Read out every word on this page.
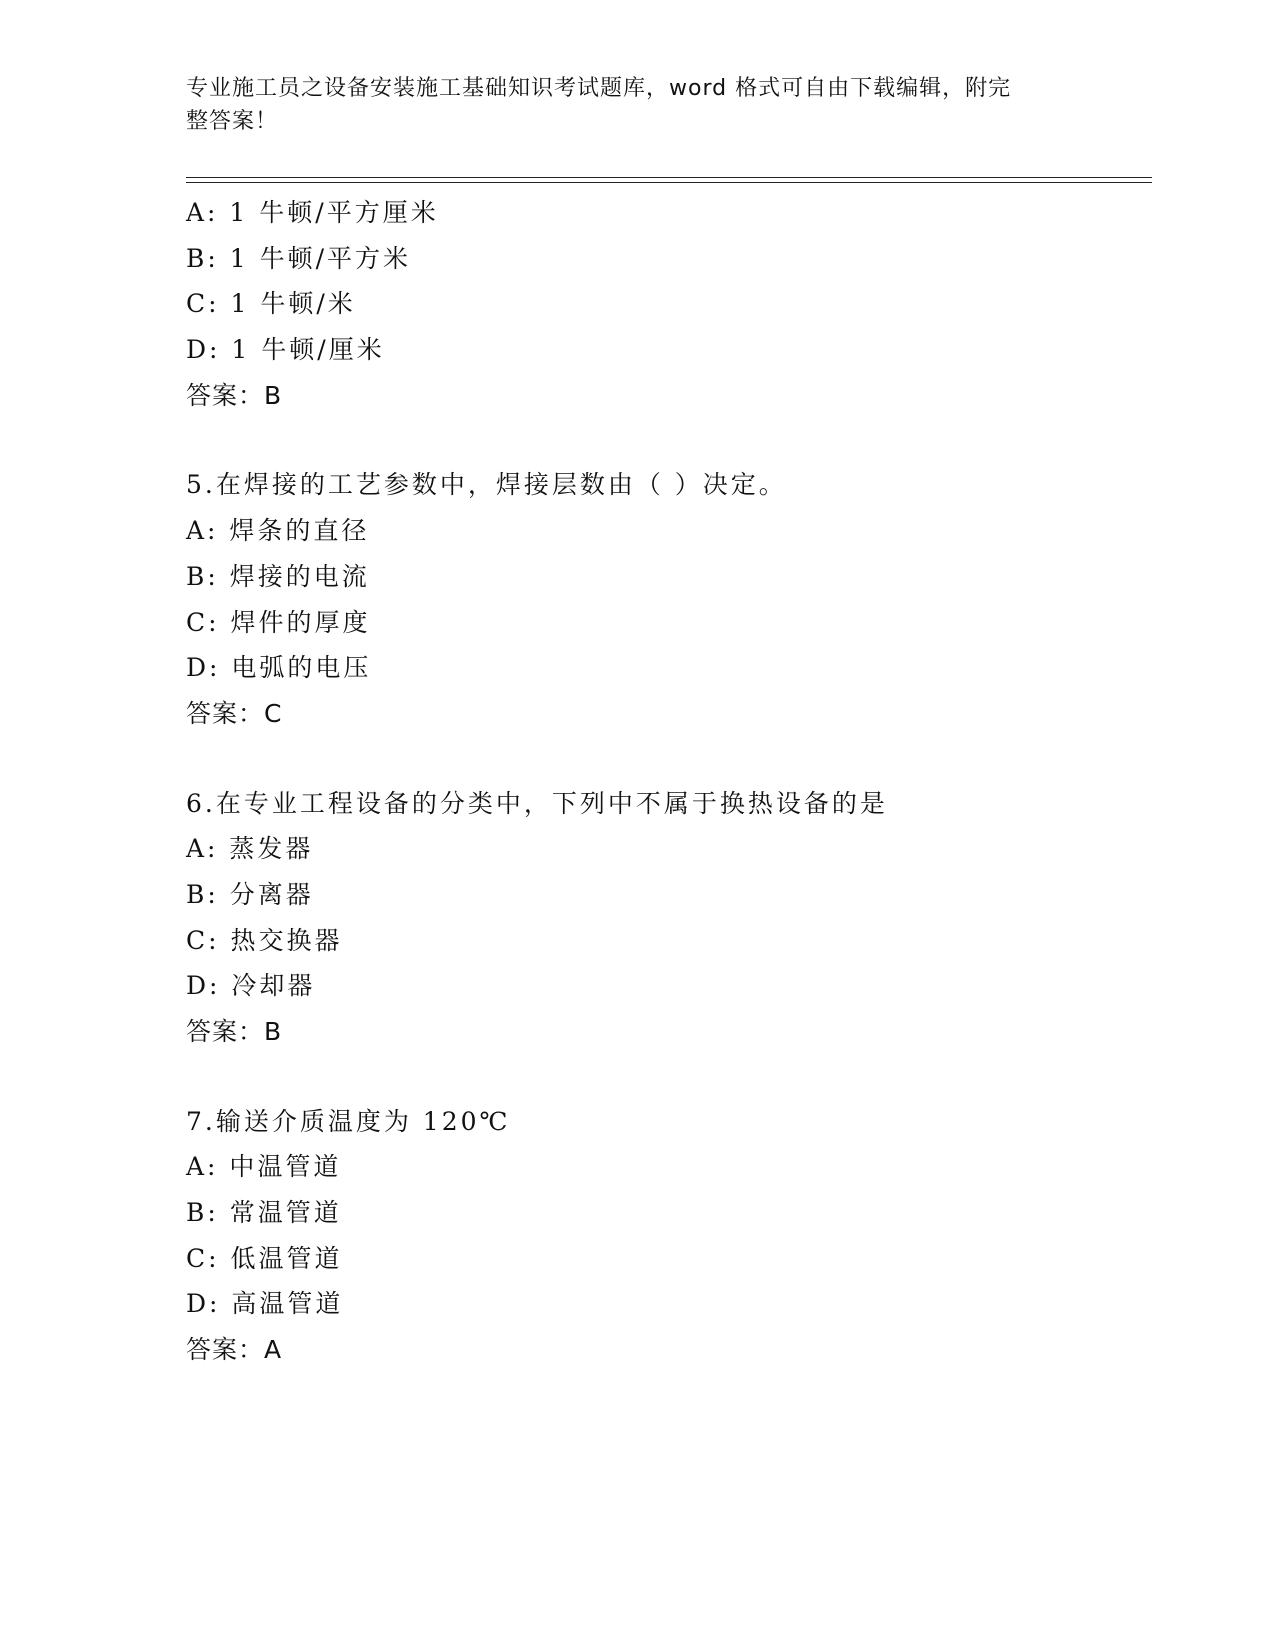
专业施工员之设备安装施工基础知识考试题库，word 格式可自由下载编辑，附完
整答案！
A: 1 牛顿/平方厘米
B: 1 牛顿/平方米
C: 1 牛顿/米
D: 1 牛顿/厘米
答案：B
5.在焊接的工艺参数中，焊接层数由（ ）决定。
A: 焊条的直径
B: 焊接的电流
C: 焊件的厚度
D: 电弧的电压
答案：C
6.在专业工程设备的分类中，下列中不属于换热设备的是
A: 蒸发器
B: 分离器
C: 热交换器
D: 冷却器
答案：B
7.输送介质温度为 120℃
A: 中温管道
B: 常温管道
C: 低温管道
D: 高温管道
答案：A
